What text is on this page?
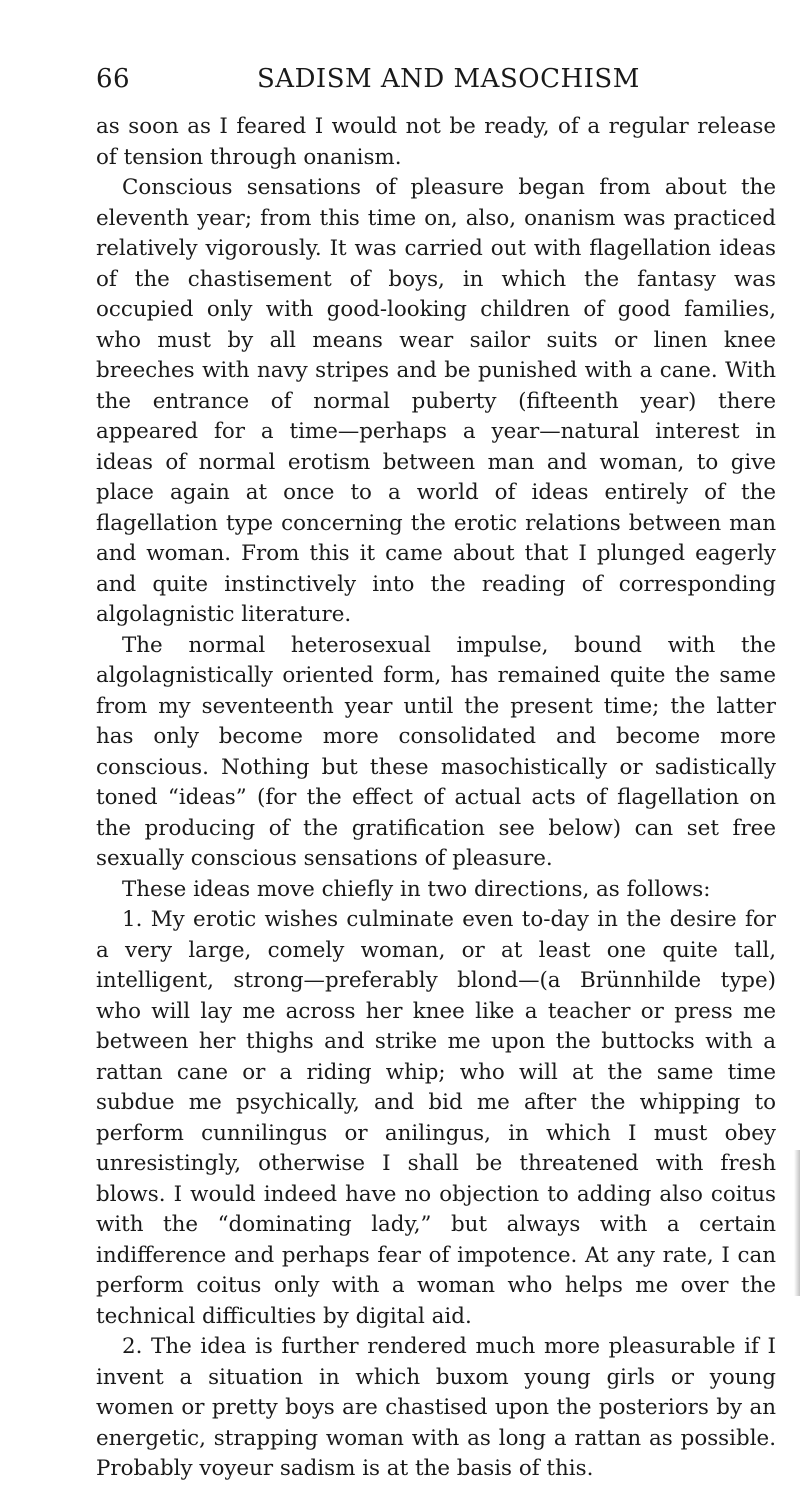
66	SADISM AND MASOCHISM

as soon as I feared I would not be ready, of a regular release of tension through onanism.

Conscious sensations of pleasure began from about the eleventh year; from this time on, also, onanism was practiced relatively vigorously. It was carried out with flagellation ideas of the chastisement of boys, in which the fantasy was occupied only with good-looking children of good families, who must by all means wear sailor suits or linen knee breeches with navy stripes and be punished with a cane. With the entrance of normal puberty (fifteenth year) there appeared for a time—perhaps a year—natural interest in ideas of normal erotism between man and woman, to give place again at once to a world of ideas entirely of the flagellation type concerning the erotic relations between man and woman. From this it came about that I plunged eagerly and quite instinctively into the reading of corresponding algolagnistic literature.

The normal heterosexual impulse, bound with the algolagnistically oriented form, has remained quite the same from my seventeenth year until the present time; the latter has only become more consolidated and become more conscious. Nothing but these masochistically or sadistically toned “ideas” (for the effect of actual acts of flagellation on the producing of the gratification see below) can set free sexually conscious sensations of pleasure.

These ideas move chiefly in two directions, as follows:

1. My erotic wishes culminate even to-day in the desire for a very large, comely woman, or at least one quite tall, intelligent, strong—preferably blond—(a Brünnhilde type) who will lay me across her knee like a teacher or press me between her thighs and strike me upon the buttocks with a rattan cane or a riding whip; who will at the same time subdue me psychically, and bid me after the whipping to perform cunnilingus or anilingus, in which I must obey unresistingly, otherwise I shall be threatened with fresh blows. I would indeed have no objection to adding also coitus with the “dominating lady,” but always with a certain indifference and perhaps fear of impotence. At any rate, I can perform coitus only with a woman who helps me over the technical difficulties by digital aid.

2. The idea is further rendered much more pleasurable if I invent a situation in which buxom young girls or young women or pretty boys are chastised upon the posteriors by an energetic, strapping woman with as long a rattan as possible. Probably voyeur sadism is at the basis of this.
